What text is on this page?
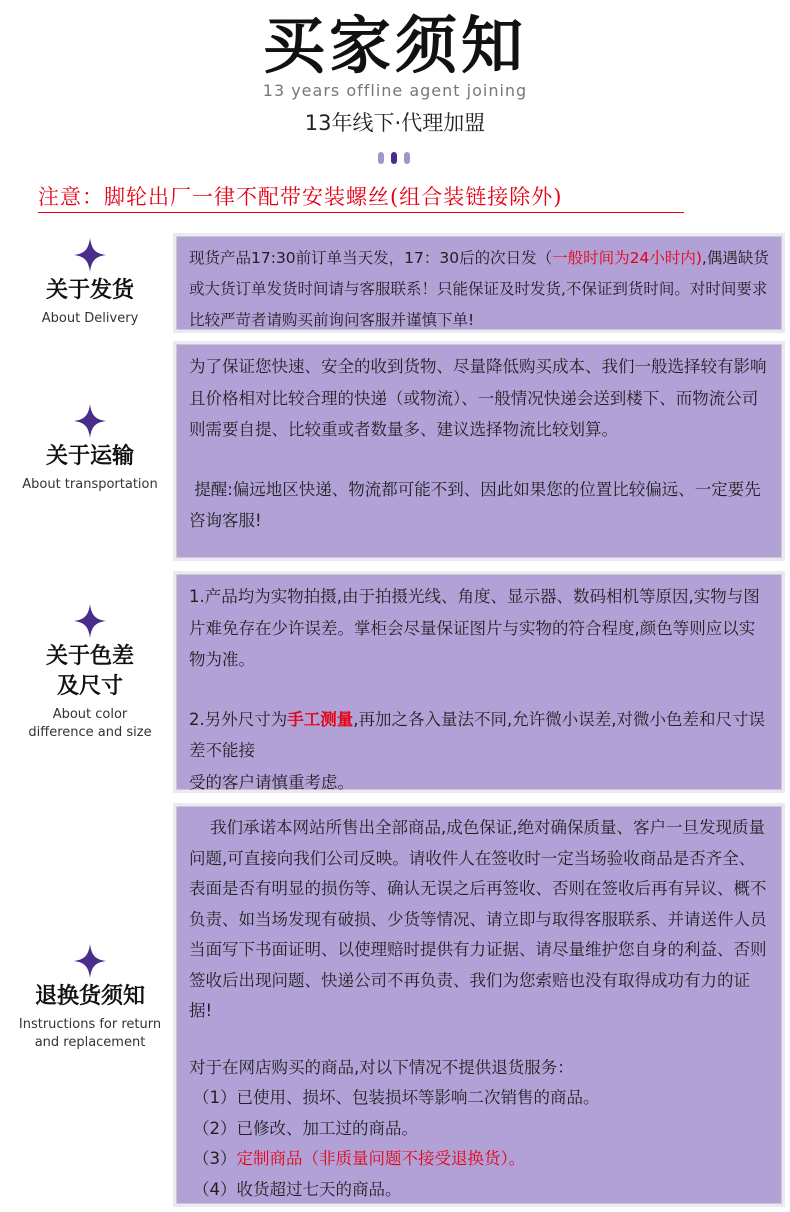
买家须知
13 years offline agent joining
13年线下·代理加盟
注意：脚轮出厂一律不配带安装螺丝(组合装链接除外)
关于发货
About Delivery

现货产品17:30前订单当天发，17：30后的次日发（一般时间为24小时内),偶遇缺货或大货订单发货时间请与客服联系！只能保证及时发货,不保证到货时间。对时间要求比较严苛者请购买前询问客服并谨慎下单!

关于运输
About transportation

为了保证您快速、安全的收到货物、尽量降低购买成本、我们一般选择较有影响且价格相对比较合理的快递（或物流）、一般情况快递会送到楼下、而物流公司则需要自提、比较重或者数量多、建议选择物流比较划算。

提醒:偏远地区快递、物流都可能不到、因此如果您的位置比较偏远、一定要先咨询客服!

关于色差
及尺寸
About color
difference and size

1.产品均为实物拍摄,由于拍摄光线、角度、显示器、数码相机等原因,实物与图片难免存在少许误差。掌柜会尽量保证图片与实物的符合程度,颜色等则应以实物为准。

2.另外尺寸为手工测量,再加之各入量法不同,允许微小误差,对微小色差和尺寸误差不能接

受的客户请慎重考虑。

退换货须知
Instructions for return
and replacement

我们承诺本网站所售出全部商品,成色保证,绝对确保质量、客户一旦发现质量问题,可直接向我们公司反映。请收件人在签收时一定当场验收商品是否齐全、表面是否有明显的损伤等、确认无误之后再签收、否则在签收后再有异议、概不负责、如当场发现有破损、少货等情况、请立即与取得客服联系、并请送件人员当面写下书面证明、以使理赔时提供有力证据、请尽量维护您自身的利益、否则签收后出现问题、快递公司不再负责、我们为您索赔也没有取得成功有力的证据!

对于在网店购买的商品,对以下情况不提供退货服务：

（1）已使用、损坏、包装损坏等影响二次销售的商品。

（2）已修改、加工过的商品。

（3）定制商品（非质量问题不接受退换货）。

（4）收货超过七天的商品。
